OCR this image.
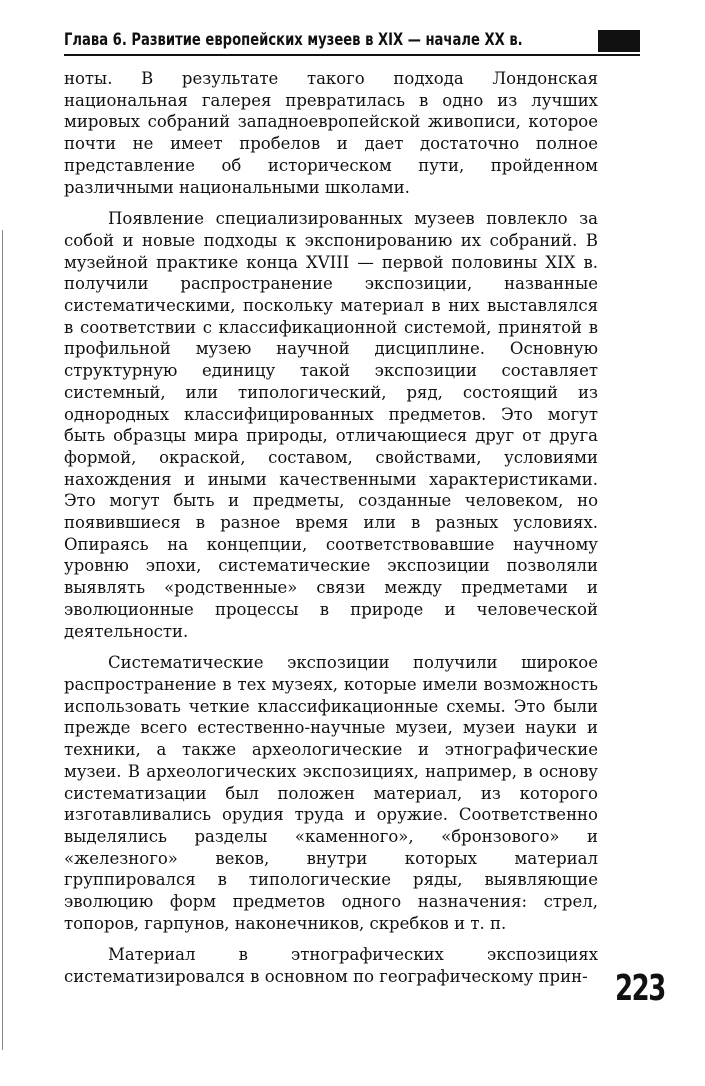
Глава 6. Развитие европейских музеев в XIX — начале XX в.

ноты. В результате такого подхода Лондонская национальная галерея превратилась в одно из лучших мировых собраний западноевропейской живописи, которое почти не имеет пробелов и дает достаточно полное представление об историческом пути, пройденном различными национальными школами.

Появление специализированных музеев повлекло за собой и новые подходы к экспонированию их собраний. В музейной практике конца XVIII — первой половины XIX в. получили распространение экспозиции, названные систематическими, поскольку материал в них выставлялся в соответствии с классификационной системой, принятой в профильной музею научной дисциплине. Основную структурную единицу такой экспозиции составляет системный, или типологический, ряд, состоящий из однородных классифицированных предметов. Это могут быть образцы мира природы, отличающиеся друг от друга формой, окраской, составом, свойствами, условиями нахождения и иными качественными характеристиками. Это могут быть и предметы, созданные человеком, но появившиеся в разное время или в разных условиях. Опираясь на концепции, соответствовавшие научному уровню эпохи, систематические экспозиции позволяли выявлять «родственные» связи между предметами и эволюционные процессы в природе и человеческой деятельности.

Систематические экспозиции получили широкое распространение в тех музеях, которые имели возможность использовать четкие классификационные схемы. Это были прежде всего естественно-научные музеи, музеи науки и техники, а также археологические и этнографические музеи. В археологических экспозициях, например, в основу систематизации был положен материал, из которого изготавливались орудия труда и оружие. Соответственно выделялись разделы «каменного», «бронзового» и «железного» веков, внутри которых материал группировался в типологические ряды, выявляющие эволюцию форм предметов одного назначения: стрел, топоров, гарпунов, наконечников, скребков и т. п.

Материал в этнографических экспозициях систематизировался в основном по географическому прин- 223
